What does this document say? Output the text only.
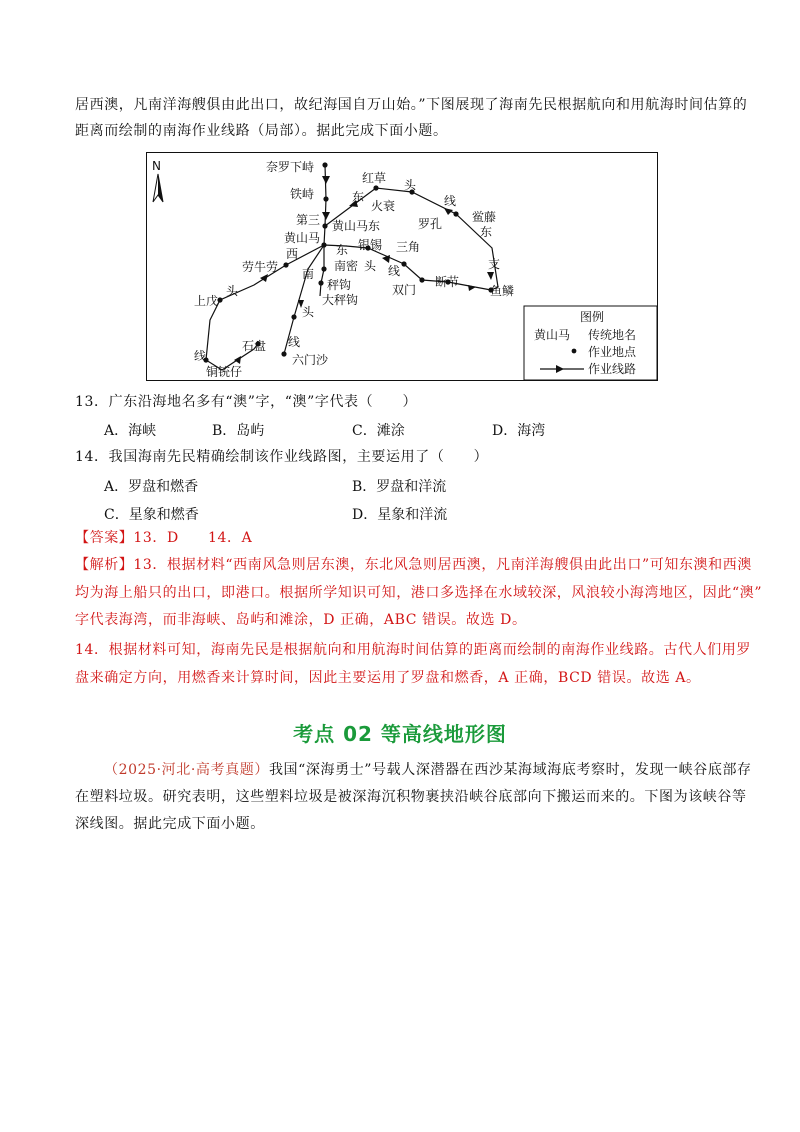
居西澳，凡南洋海艘俱由此出口，故纪海国自万山始。”下图展现了海南先民根据航向和用航海时间估算的
距离而绘制的南海作业线路（局部）。据此完成下面小题。
N	奈罗下峙
铁峙
红草
火衰
第三 黄山马东
黄山马	银锡 三角
罗孔 鲎藤
劳牛劳	南密
秤钩
大秤钩
双门
断节
鱼鳞
上戊
石盘
铜铳仔
六门沙
东
头
线
东
支
西	东
南
头 线
头
线
头
线
图例
黄山马 传统地名
作业地点
作业线路
13．广东沿海地名多有“澳”字，“澳”字代表（　　）
A．海峡	B．岛屿	C．滩涂	D．海湾
14．我国海南先民精确绘制该作业线路图，主要运用了（　　）
A．罗盘和燃香	B．罗盘和洋流
C．星象和燃香	D．星象和洋流
【答案】13．D　　14．A
【解析】13．根据材料“西南风急则居东澳，东北风急则居西澳，凡南洋海艘俱由此出口”可知东澳和西澳
均为海上船只的出口，即港口。根据所学知识可知，港口多选择在水域较深，风浪较小海湾地区，因此“澳”
字代表海湾，而非海峡、岛屿和滩涂，D 正确，ABC 错误。故选 D。
14．根据材料可知，海南先民是根据航向和用航海时间估算的距离而绘制的南海作业线路。古代人们用罗
盘来确定方向，用燃香来计算时间，因此主要运用了罗盘和燃香，A 正确，BCD 错误。故选 A。
考点 02 等高线地形图
（2025·河北·高考真题）我国“深海勇士”号载人深潜器在西沙某海域海底考察时，发现一峡谷底部存
在塑料垃圾。研究表明，这些塑料垃圾是被深海沉积物裹挟沿峡谷底部向下搬运而来的。下图为该峡谷等
深线图。据此完成下面小题。
